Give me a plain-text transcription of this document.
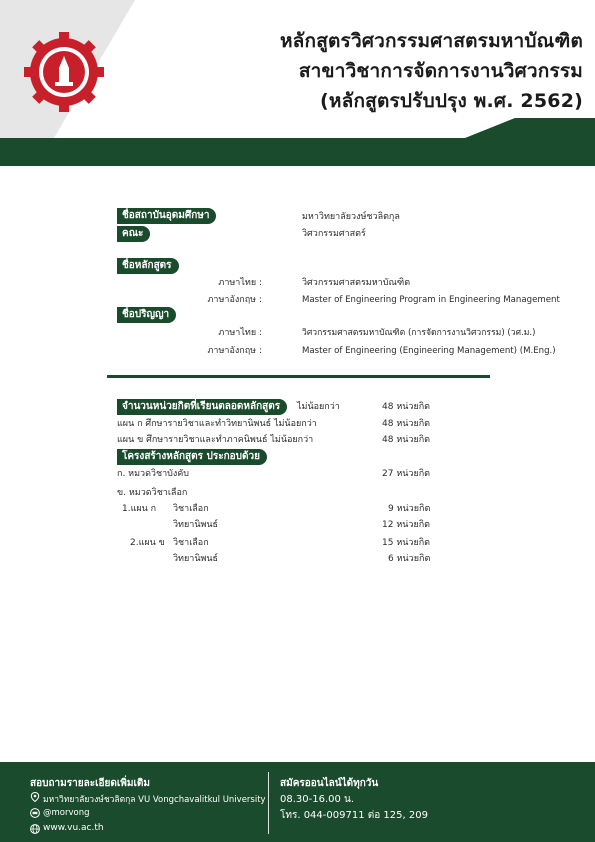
หลักสูตรวิศวกรรมศาสตรมหาบัณฑิต
สาขาวิชาการจัดการงานวิศวกรรม
(หลักสูตรปรับปรุง พ.ศ. 2562)
ชื่อสถาบันอุดมศึกษา	มหาวิทยาลัยวงษ์ชวลิตกุล
คณะ	วิศวกรรมศาสตร์
ชื่อหลักสูตร
ภาษาไทย :	วิศวกรรมศาสตรมหาบัณฑิต
ภาษาอังกฤษ :	Master of Engineering Program in Engineering Management
ชื่อปริญญา
ภาษาไทย :	วิศวกรรมศาสตรมหาบัณฑิต (การจัดการงานวิศวกรรม) (วศ.ม.)
ภาษาอังกฤษ :	Master of Engineering (Engineering Management) (M.Eng.)
จำนวนหน่วยกิตที่เรียนตลอดหลักสูตร	ไม่น้อยกว่า	48 หน่วยกิต
แผน ก ศึกษารายวิชาและทำวิทยานิพนธ์ ไม่น้อยกว่า	48 หน่วยกิต
แผน ข ศึกษารายวิชาและทำภาคนิพนธ์ ไม่น้อยกว่า	48 หน่วยกิต
โครงสร้างหลักสูตร ประกอบด้วย
ก. หมวดวิชาบังคับ	27 หน่วยกิต
ข. หมวดวิชาเลือก
1.แผน ก วิชาเลือก	9 หน่วยกิต
วิทยานิพนธ์	12 หน่วยกิต
2.แผน ข วิชาเลือก	15 หน่วยกิต
วิทยานิพนธ์	6 หน่วยกิต
สอบถามรายละเอียดเพิ่มเติม
มหาวิทยาลัยวงษ์ชวลิตกุล VU Vongchavalitkul University
@morvong
www.vu.ac.th
สมัครออนไลน์ได้ทุกวัน
08.30-16.00 น.
โทร. 044-009711 ต่อ 125, 209
